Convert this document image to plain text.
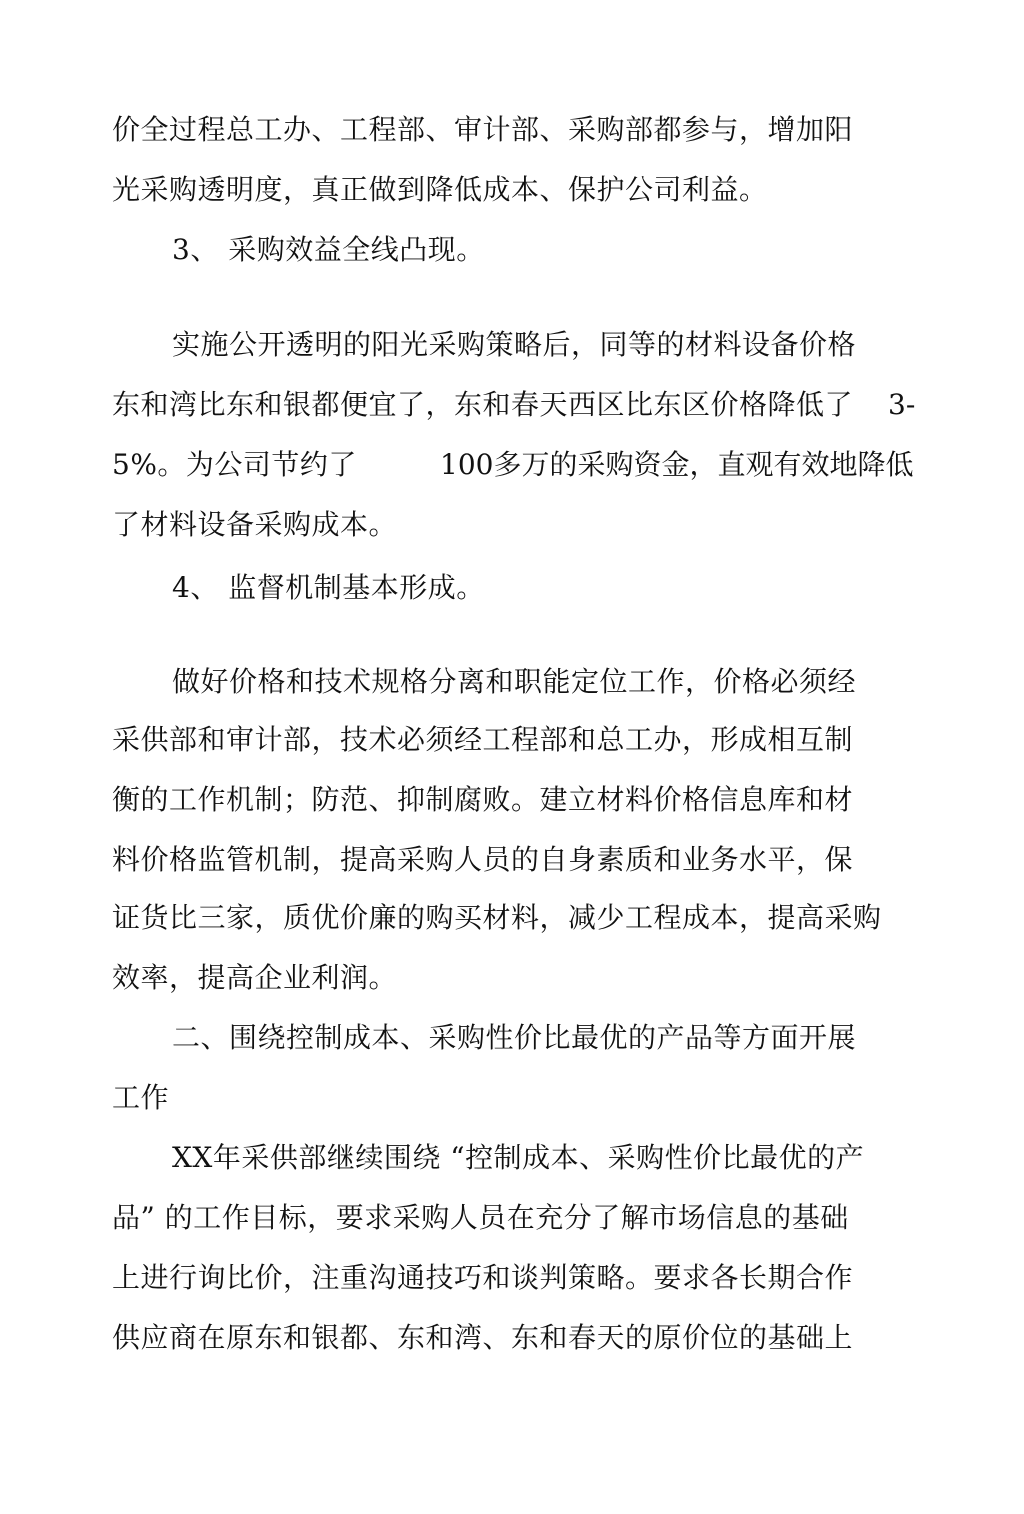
价全过程总工办、工程部、审计部、采购部都参与，增加阳
光采购透明度，真正做到降低成本、保护公司利益。
3、 采购效益全线凸现。
实施公开透明的阳光采购策略后，同等的材料设备价格
东和湾比东和银都便宜了，东和春天西区比东区价格降低了	3-
5%。为公司节约了	100多万的采购资金，直观有效地降低
了材料设备采购成本。
4、 监督机制基本形成。
做好价格和技术规格分离和职能定位工作，价格必须经
采供部和审计部，技术必须经工程部和总工办，形成相互制
衡的工作机制；防范、抑制腐败。建立材料价格信息库和材
料价格监管机制，提高采购人员的自身素质和业务水平，保
证货比三家，质优价廉的购买材料，减少工程成本，提高采购
效率，提高企业利润。
二、围绕控制成本、采购性价比最优的产品等方面开展
工作
XX年采供部继续围绕 “控制成本、采购性价比最优的产
品” 的工作目标，要求采购人员在充分了解市场信息的基础
上进行询比价，注重沟通技巧和谈判策略。要求各长期合作
供应商在原东和银都、东和湾、东和春天的原价位的基础上
